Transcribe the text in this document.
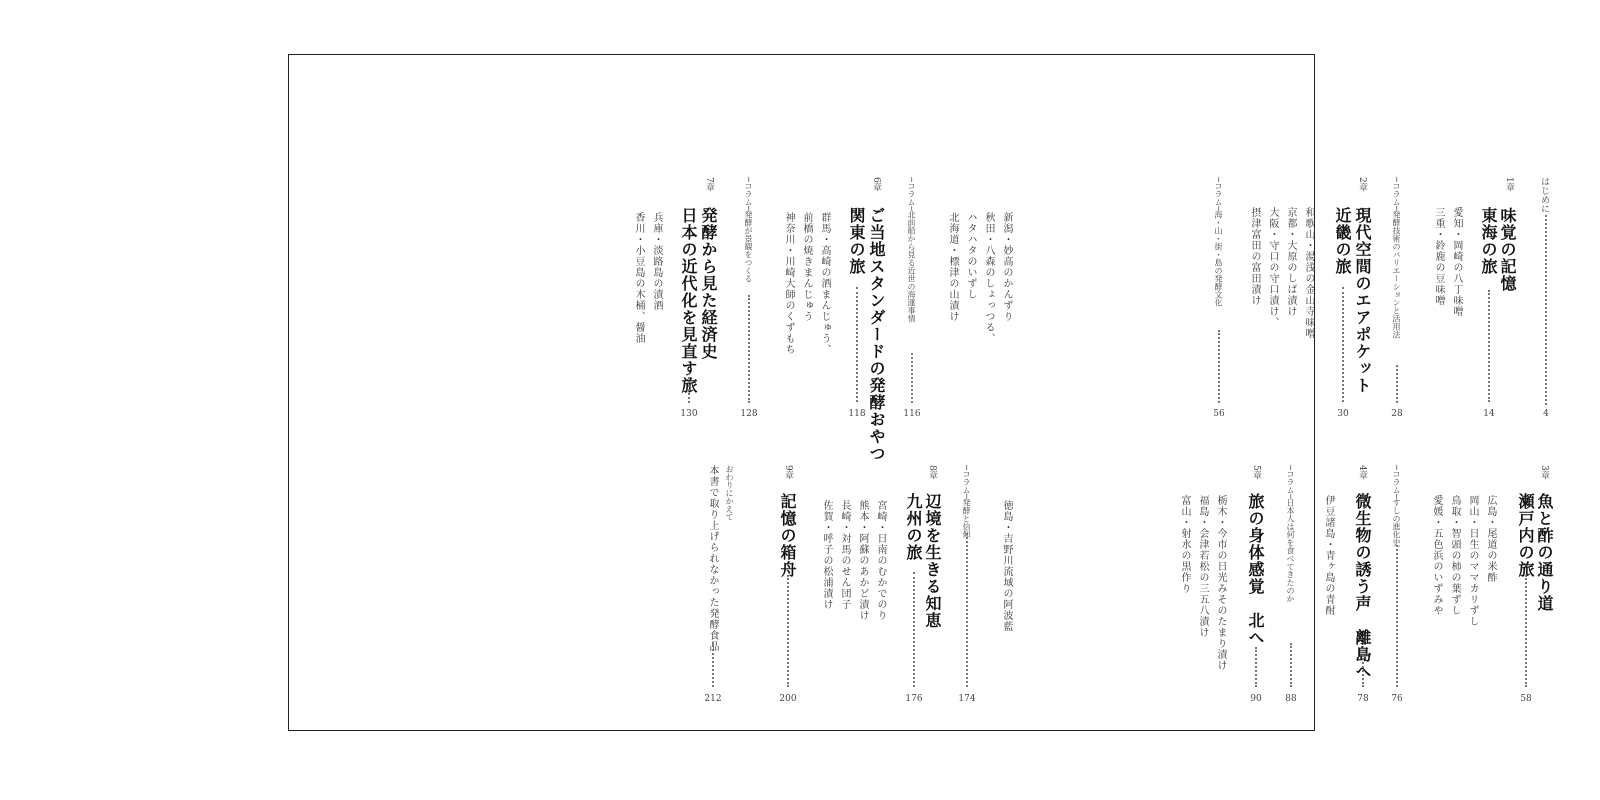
はじめに
4
1章
味覚の記憶
東海の旅
14
愛知・岡崎の八丁味噌
三重・鈴鹿の豆味噌
─コラム─発酵技術のバリエーションと活用法
28
2章
現代空間のエアポケット
近畿の旅
30
和歌山・湯浅の金山寺味噌
京都・大原のしば漬け
大阪・守口の守口漬け、
摂津富田の富田漬け
─コラム─海・山・街・島の発酵文化
56
3章
魚と酢の通り道
瀬戸内の旅
58
広島・尾道の米酢
岡山・日生のママカリずし
鳥取・智頭の柿の葉ずし
愛媛・五色浜のいずみや
─コラム─すしの進化史
76
4章
微生物の誘う声　離島へ
78
伊豆諸島・青ヶ島の青酎
─コラム─日本人は何を食べてきたのか
88
5章
旅の身体感覚　北へ
90
栃木・今市の日光みそのたまり漬け
福島・会津若松の三五八漬け
富山・射水の黒作り
新潟・妙高のかんずり
秋田・八森のしょっつる、
ハタハタのいずし
北海道・標津の山漬け
─コラム─北前船から見る近世の海運事情
116
6章
ご当地スタンダードの発酵おやつ
関東の旅
118
群馬・高崎の酒まんじゅう、
前橋の焼きまんじゅう
神奈川・川崎大師のくずもち
─コラム─発酵が景観をつくる
128
7章
発酵から見た経済史
日本の近代化を見直す旅
130
兵庫・淡路島の漬酒
香川・小豆島の木桶、醤油
徳島・吉野川流域の阿波藍
─コラム─発酵と信仰
174
8章
辺境を生きる知恵
九州の旅
176
宮崎・日南のむかでのり
熊本・阿蘇のあかど漬け
長崎・対馬のせん団子
佐賀・呼子の松浦漬け
9章
記憶の箱舟
200
おわりにかえて
本書で取り上げられなかった発酵食品
212
